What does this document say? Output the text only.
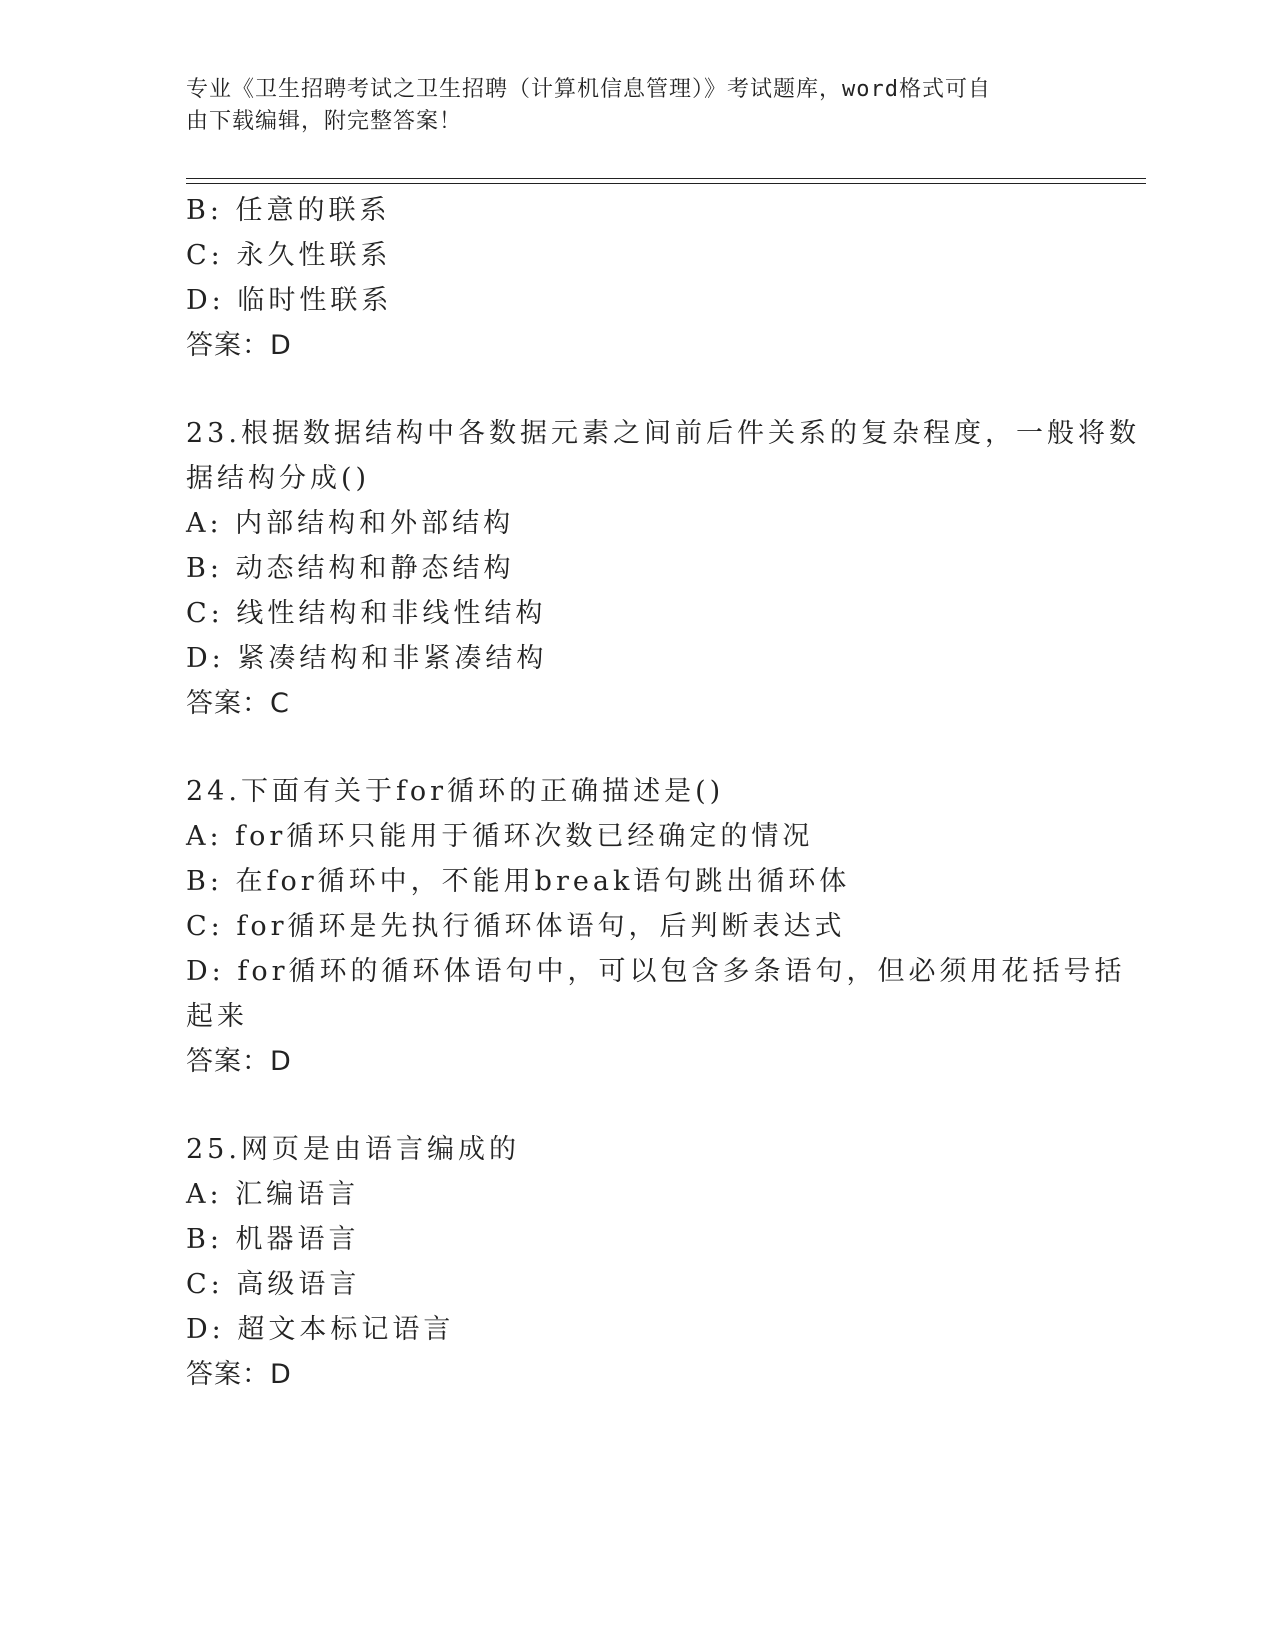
专业《卫生招聘考试之卫生招聘（计算机信息管理）》考试题库，word格式可自
由下载编辑，附完整答案！
B: 任意的联系
C: 永久性联系
D: 临时性联系
答案：D
23.根据数据结构中各数据元素之间前后件关系的复杂程度，一般将数
据结构分成()
A: 内部结构和外部结构
B: 动态结构和静态结构
C: 线性结构和非线性结构
D: 紧凑结构和非紧凑结构
答案：C
24.下面有关于for循环的正确描述是()
A: for循环只能用于循环次数已经确定的情况
B: 在for循环中，不能用break语句跳出循环体
C: for循环是先执行循环体语句，后判断表达式
D: for循环的循环体语句中，可以包含多条语句，但必须用花括号括
起来
答案：D
25.网页是由语言编成的
A: 汇编语言
B: 机器语言
C: 高级语言
D: 超文本标记语言
答案：D
